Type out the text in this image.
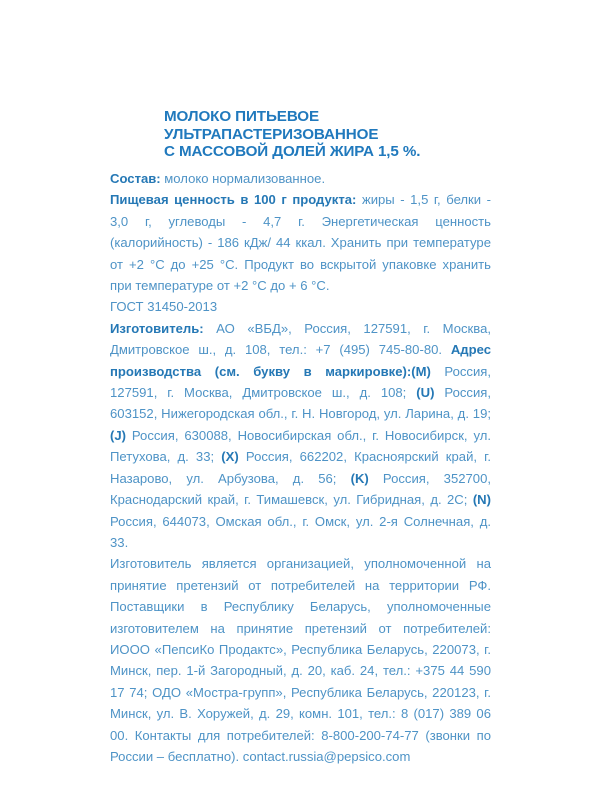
МОЛОКО ПИТЬЕВОЕ
УЛЬТРАПАСТЕРИЗОВАННОЕ
С МАССОВОЙ ДОЛЕЙ ЖИРА 1,5 %.

Состав: молоко нормализованное.

Пищевая ценность в 100 г продукта: жиры - 1,5 г, белки - 3,0 г, углеводы - 4,7 г. Энергетическая ценность (калорийность) - 186 кДж/ 44 ккал. Хранить при температуре от +2 °С до +25 °С. Продукт во вскрытой упаковке хранить при температуре от +2 °С до + 6 °С.

ГОСТ 31450-2013

Изготовитель: АО «ВБД», Россия, 127591, г. Москва, Дмитровское ш., д. 108, тел.: +7 (495) 745-80-80. Адрес производства (см. букву в маркировке):(M) Россия, 127591, г. Москва, Дмитровское ш., д. 108; (U) Россия, 603152, Нижегородская обл., г. Н. Новгород, ул. Ларина, д. 19; (J) Россия, 630088, Новосибирская обл., г. Новосибирск, ул. Петухова, д. 33; (X) Россия, 662202, Красноярский край, г. Назарово, ул. Арбузова, д. 56; (K) Россия, 352700, Краснодарский край, г. Тимашевск, ул. Гибридная, д. 2С; (N) Россия, 644073, Омская обл., г. Омск, ул. 2-я Солнечная, д. 33.

Изготовитель является организацией, уполномоченной на принятие претензий от потребителей на территории РФ. Поставщики в Республику Беларусь, уполномоченные изготовителем на принятие претензий от потребителей: ИООО «ПепсиКо Продактс», Республика Беларусь, 220073, г. Минск, пер. 1-й Загородный, д. 20, каб. 24, тел.: +375 44 590 17 74; ОДО «Мостра-групп», Республика Беларусь, 220123, г. Минск, ул. В. Хоружей, д. 29, комн. 101, тел.: 8 (017) 389 06 00. Контакты для потребителей: 8-800-200-74-77 (звонки по России – бесплатно). contact.russia@pepsico.com
